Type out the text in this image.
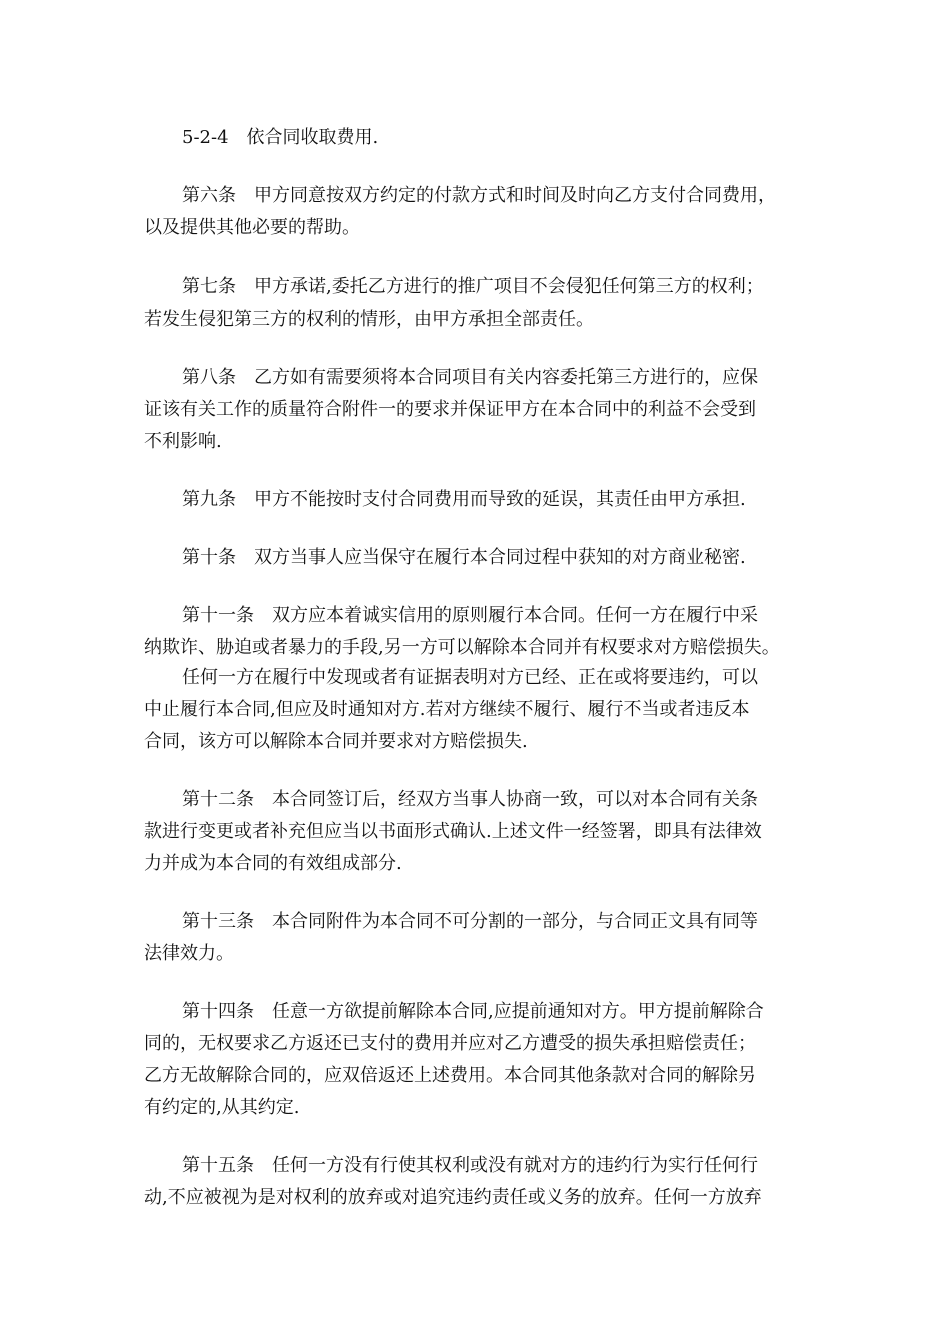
5-2-4　依合同收取费用.

第六条　甲方同意按双方约定的付款方式和时间及时向乙方支付合同费用，

以及提供其他必要的帮助。

第七条　甲方承诺,委托乙方进行的推广项目不会侵犯任何第三方的权利；

若发生侵犯第三方的权利的情形，由甲方承担全部责任。

第八条　乙方如有需要须将本合同项目有关内容委托第三方进行的，应保

证该有关工作的质量符合附件一的要求并保证甲方在本合同中的利益不会受到

不利影响.

第九条　甲方不能按时支付合同费用而导致的延误，其责任由甲方承担.

第十条　双方当事人应当保守在履行本合同过程中获知的对方商业秘密.

第十一条　双方应本着诚实信用的原则履行本合同。任何一方在履行中采

纳欺诈、胁迫或者暴力的手段,另一方可以解除本合同并有权要求对方赔偿损失。

任何一方在履行中发现或者有证据表明对方已经、正在或将要违约，可以

中止履行本合同,但应及时通知对方.若对方继续不履行、履行不当或者违反本

合同，该方可以解除本合同并要求对方赔偿损失.

第十二条　本合同签订后，经双方当事人协商一致，可以对本合同有关条

款进行变更或者补充但应当以书面形式确认.上述文件一经签署，即具有法律效

力并成为本合同的有效组成部分.

第十三条　本合同附件为本合同不可分割的一部分，与合同正文具有同等

法律效力。

第十四条　任意一方欲提前解除本合同,应提前通知对方。甲方提前解除合

同的，无权要求乙方返还已支付的费用并应对乙方遭受的损失承担赔偿责任；

乙方无故解除合同的，应双倍返还上述费用。本合同其他条款对合同的解除另

有约定的,从其约定.

第十五条　任何一方没有行使其权利或没有就对方的违约行为实行任何行

动,不应被视为是对权利的放弃或对追究违约责任或义务的放弃。任何一方放弃
